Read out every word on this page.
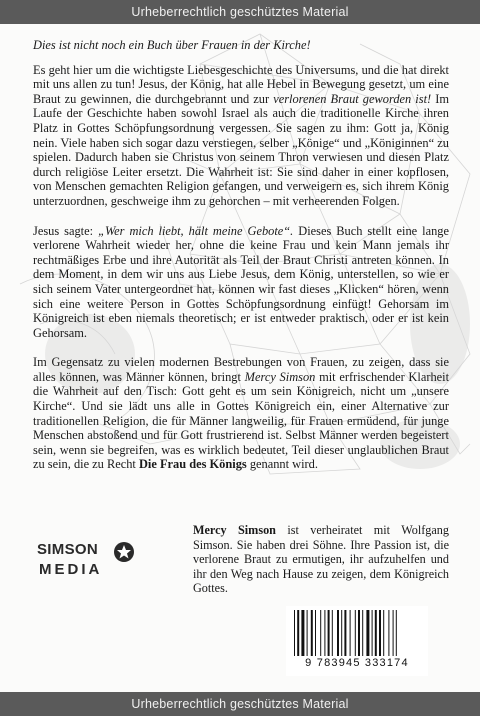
Urheberrechtlich geschütztes Material

Dies ist nicht noch ein Buch über Frauen in der Kirche!

Es geht hier um die wichtigste Liebesgeschichte des Universums, und die hat direkt mit uns allen zu tun! Jesus, der König, hat alle Hebel in Bewegung gesetzt, um eine Braut zu gewinnen, die durchgebrannt und zur verlorenen Braut geworden ist! Im Laufe der Geschichte haben sowohl Israel als auch die traditionelle Kirche ihren Platz in Gottes Schöpfungsordnung vergessen. Sie sagen zu ihm: Gott ja, König nein. Viele haben sich sogar dazu verstiegen, selber „Könige“ und „Königinnen“ zu spielen. Dadurch haben sie Christus von seinem Thron verwiesen und diesen Platz durch religiöse Leiter ersetzt. Die Wahrheit ist: Sie sind daher in einer kopflosen, von Menschen gemachten Religion gefangen, und verweigern es, sich ihrem König unterzuordnen, geschweige ihm zu gehorchen – mit verheerenden Folgen.

Jesus sagte: „Wer mich liebt, hält meine Gebote“. Dieses Buch stellt eine lange verlorene Wahrheit wieder her, ohne die keine Frau und kein Mann jemals ihr rechtmäßiges Erbe und ihre Autorität als Teil der Braut Christi antreten können. In dem Moment, in dem wir uns aus Liebe Jesus, dem König, unterstellen, so wie er sich seinem Vater untergeordnet hat, können wir fast dieses „Klicken“ hören, wenn sich eine weitere Person in Gottes Schöpfungsordnung einfügt! Gehorsam im Königreich ist eben niemals theoretisch; er ist entweder praktisch, oder er ist kein Gehorsam.

Im Gegensatz zu vielen modernen Bestrebungen von Frauen, zu zeigen, dass sie alles können, was Männer können, bringt Mercy Simson mit erfrischender Klarheit die Wahrheit auf den Tisch: Gott geht es um sein Königreich, nicht um „unsere Kirche“. Und sie lädt uns alle in Gottes Königreich ein, einer Alternative zur traditionellen Religion, die für Männer langweilig, für Frauen ermüdend, für junge Menschen abstoßend und für Gott frustrierend ist. Selbst Männer werden begeistert sein, wenn sie begreifen, was es wirklich bedeutet, Teil dieser unglaublichen Braut zu sein, die zu Recht Die Frau des Königs genannt wird.

SIMSON
MEDIA

Mercy Simson ist verheiratet mit Wolfgang Simson. Sie haben drei Söhne. Ihre Passion ist, die verlorene Braut zu ermutigen, ihr aufzuhelfen und ihr den Weg nach Hause zu zeigen, dem Königreich Gottes.

9 783945 333174
Urheberrechtlich geschütztes Material
